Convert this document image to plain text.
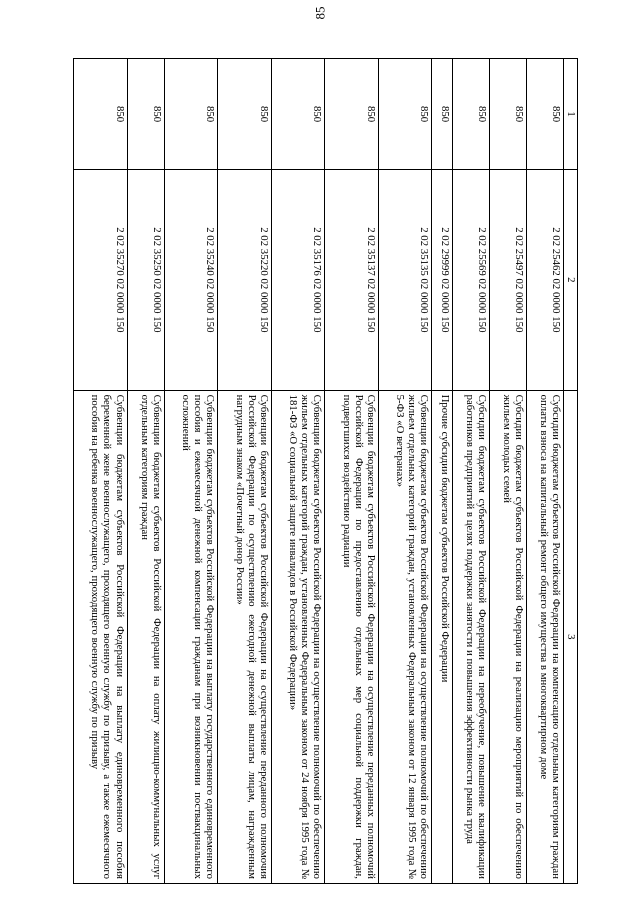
85
1	2	3
850	2 02 25462 02 0000 150	Субсидии бюджетам субъектов Российской Федерации на компенсацию отдельным категориям граждан оплаты взноса на капитальный ремонт общего имущества в многоквартирном доме
850	2 02 25497 02 0000 150	Субсидии бюджетам субъектов Российской Федерации на реализацию мероприятий по обеспечению жильем молодых семей
850	2 02 25569 02 0000 150	Субсидии бюджетам субъектов Российской Федерации на переобучение, повышение квалификации работников предприятий в целях поддержки занятости и повышения эффективности рынка труда
850	2 02 29999 02 0000 150	Прочие субсидии бюджетам субъектов Российской Федерации
850	2 02 35135 02 0000 150	Субвенции бюджетам субъектов Российской Федерации на осуществление полномочий по обеспечению жильем отдельных категорий граждан, установленных Федеральным законом от 12 января 1995 года № 5-ФЗ «О ветеранах»
850	2 02 35137 02 0000 150	Субвенции бюджетам субъектов Российской Федерации на осуществление переданных полномочий Российской Федерации по предоставлению отдельных мер социальной поддержки граждан, подвергшихся воздействию радиации
850	2 02 35176 02 0000 150	Субвенции бюджетам субъектов Российской Федерации на осуществление полномочий по обеспечению жильем отдельных категорий граждан, установленных Федеральным законом от 24 ноября 1995 года № 181-ФЗ «О социальной защите инвалидов в Российской Федерации»
850	2 02 35220 02 0000 150	Субвенции бюджетам субъектов Российской Федерации на осуществление переданного полномочия Российской Федерации по осуществлению ежегодной денежной выплаты лицам, награжденным нагрудным знаком «Почетный донор России»
850	2 02 35240 02 0000 150	Субвенции бюджетам субъектов Российской Федерации на выплату государственного единовременного пособия и ежемесячной денежной компенсации гражданам при возникновении поствакцинальных осложнений
850	2 02 35250 02 0000 150	Субвенции бюджетам субъектов Российской Федерации на оплату жилищно-коммунальных услуг отдельным категориям граждан
850	2 02 35270 02 0000 150	Субвенции бюджетам субъектов Российской Федерации на выплату единовременного пособия беременной жене военнослужащего, проходящего военную службу по призыву, а также ежемесячного пособия на ребенка военнослужащего, проходящего военную службу по призыву
